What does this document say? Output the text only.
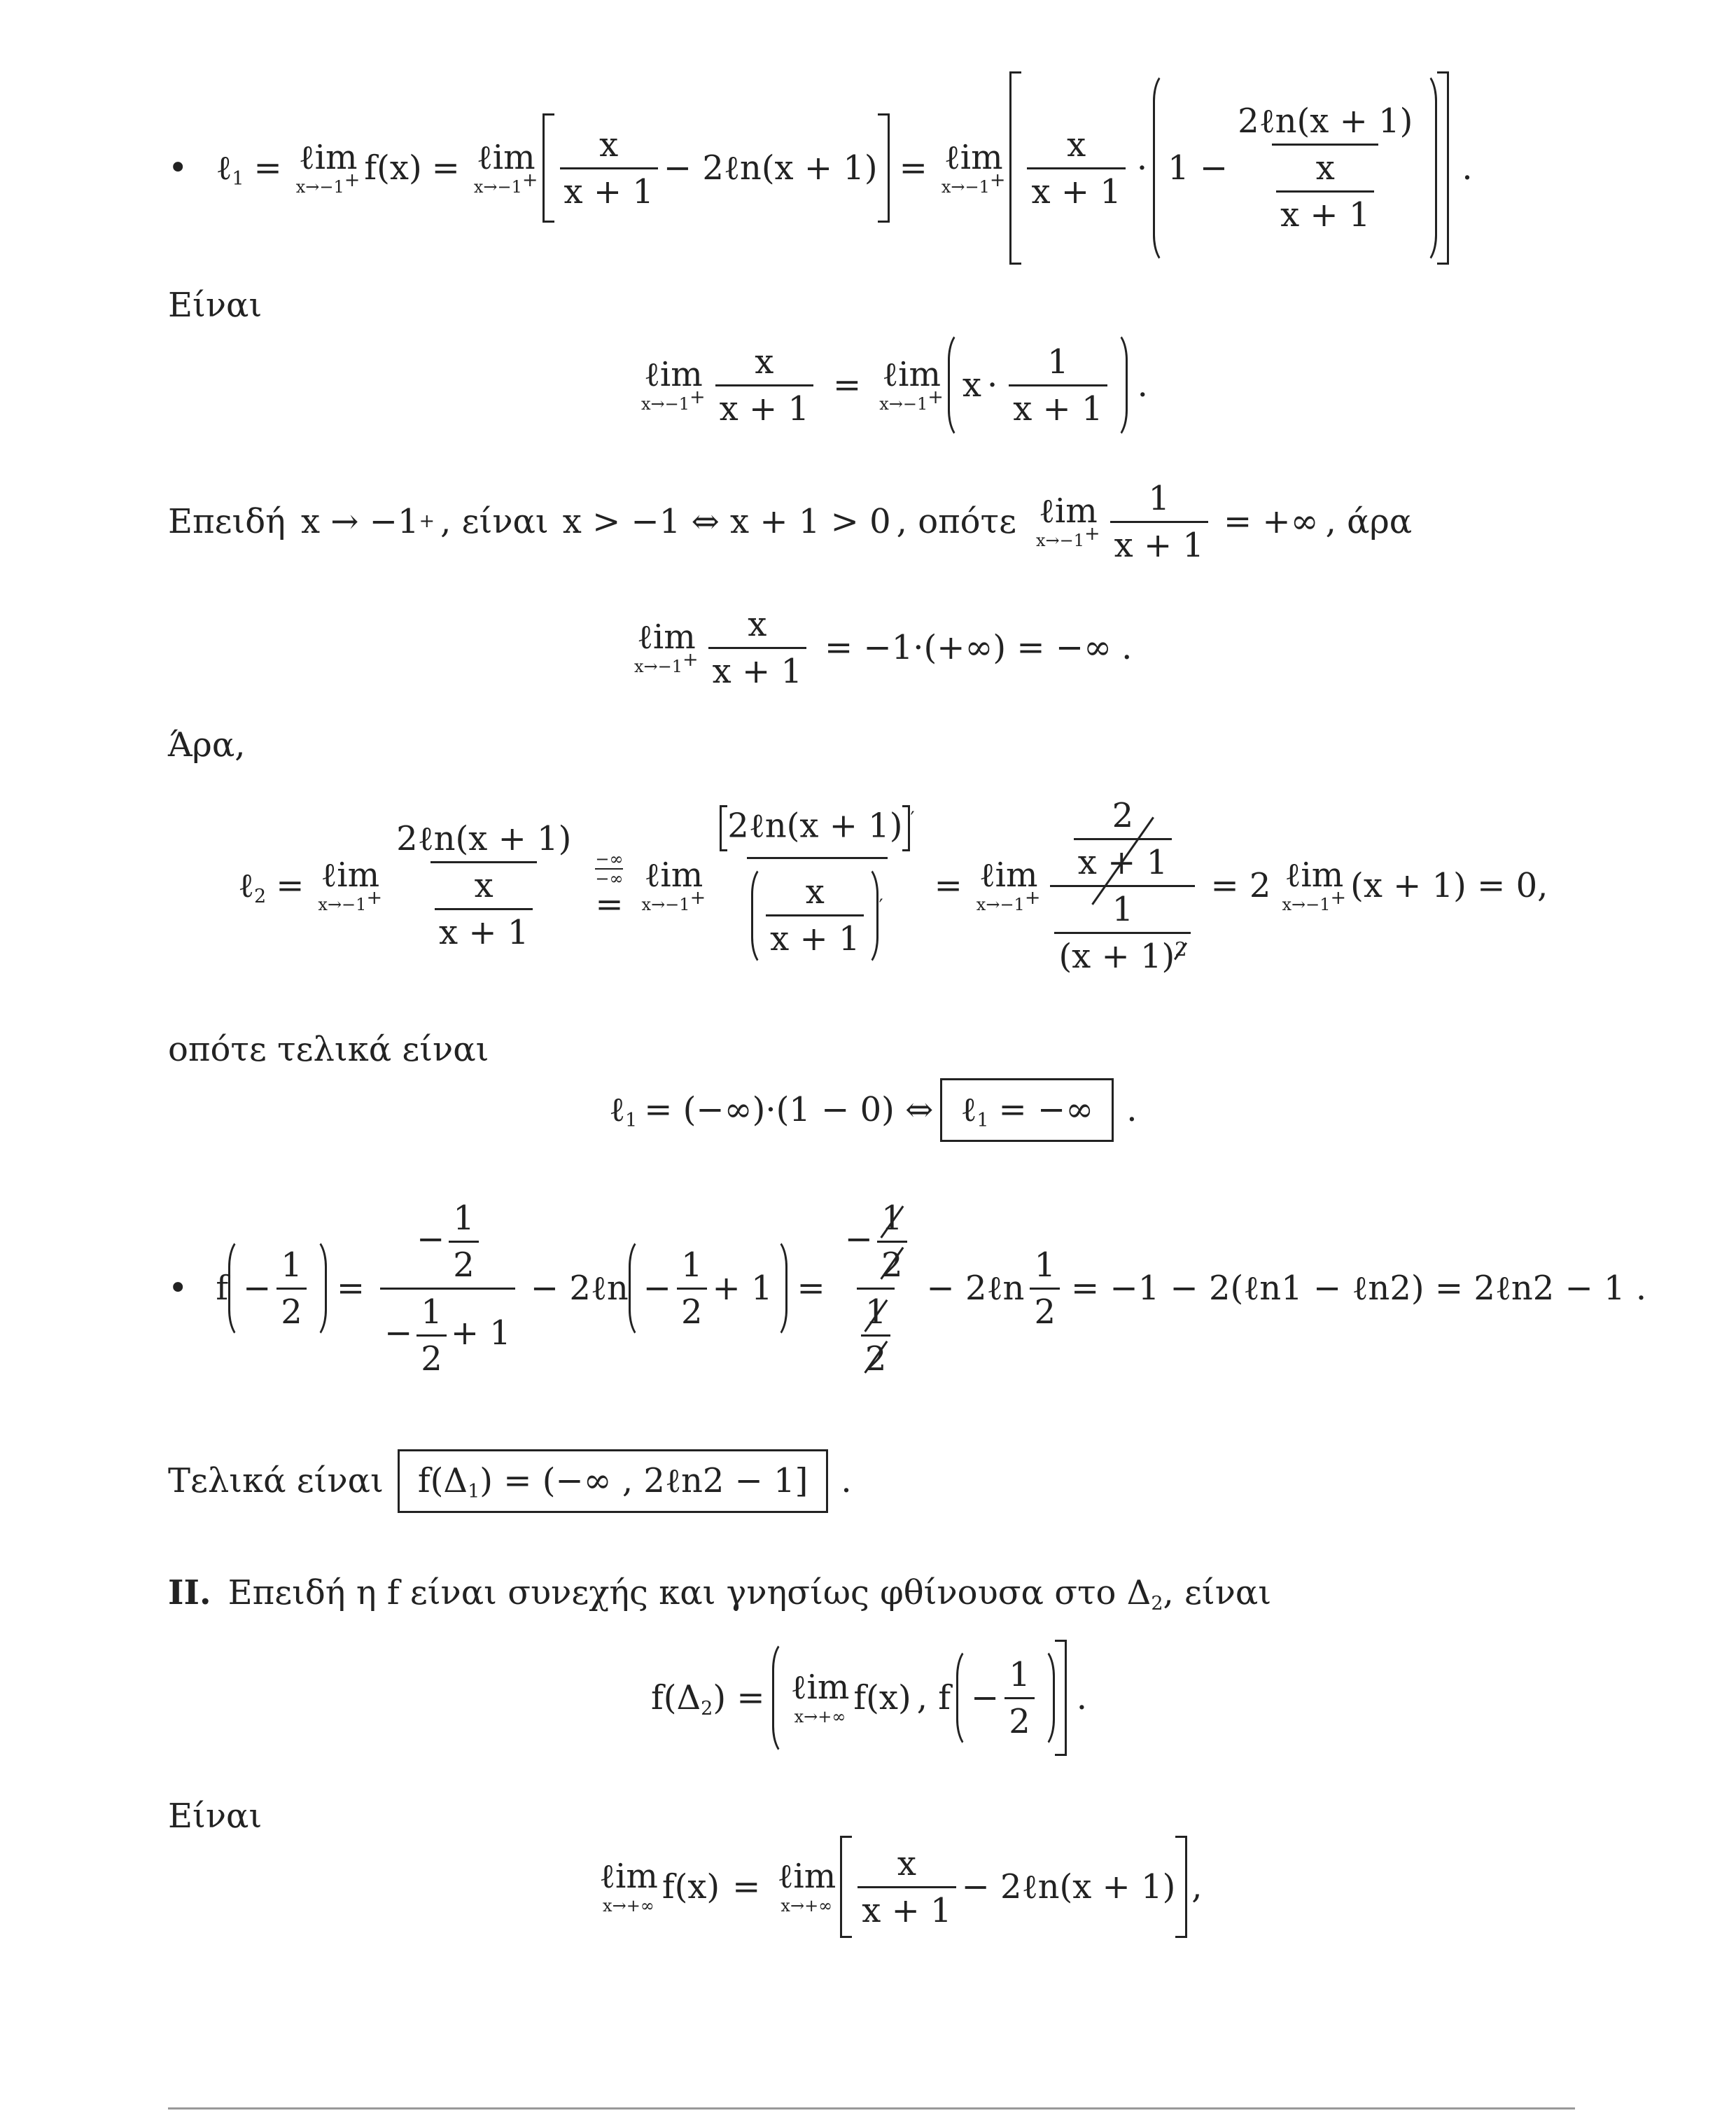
• ℓ 1 = ℓim
x→−1+ f(x) = ℓim
$x\to-1^+ \frac{x}{x + 1}$ − 2ℓn(x + 1) = ℓim
$x\to-1^+ \frac{x}{x + 1} \cdot 1 - \frac{\text{2ℓn(x + 1)}}{\frac{x}{x + 1}}$ .
Είναι
ℓim
$x\to-1^+ \frac{x}{x + 1}$ = ℓim
x→−1+ $x \cdot \frac{1}{x + 1}$ .
Επειδή x → −1 + , είναι x > −1 ⇔ x + 1 > 0 , οπότε ℓim
$x\to-1^+ \frac{1}{x + 1}$ = +∞ , άρα
ℓim
$x\to-1^+ \frac{x}{x + 1} = -1\cdot(+\infty)$ = −∞ .
Άρα,
ℓ 2 = ℓim
$x\to-1^+ \frac{\text{2ℓn(x + 1)}}{\frac{x}{x + 1}}$ −∞
−∞
=
ℓim
$x\to-1^+ \frac{2\ell n(x + 1) '}{\frac{x}{x + 1} '}$ = ℓim
$x\to-1^+ \frac{\frac{2}{x + 1}}{\frac{1}{(x + 1)^2}} = 2$ ℓim
x→−1+ (x + 1) = 0,
οπότε τελικά είναι
ℓ 1 = (−∞)·(1 − 0) ⇔ ℓ 1 = −∞ .
• $f - \frac{1}{2} = \frac{- \frac{1}{2}}{- \frac{1}{2} + 1}$ − 2ℓn − $\frac{1}{2} + 1 = \frac{- \frac{1}{2}}{\frac{1}{2}}$ − 2ℓn $\frac{1}{2} = -1$ − 2(ℓn1 − ℓn2) = 2ℓn2 − 1 .
Τελικά είναι f(Δ 1 ) = (−∞ , 2ℓn2 − 1] .
II. Επειδή η f είναι συνεχής και γνησίως φθίνουσα στο Δ 2 , είναι
f(Δ 2 ) = ℓim
x→+∞ f(x) , $f - \frac{1}{2}$ .
Είναι
ℓim
x→+∞ f(x) = ℓim
$x\to+\infty \frac{x}{x + 1}$ − 2ℓn(x + 1) ,
